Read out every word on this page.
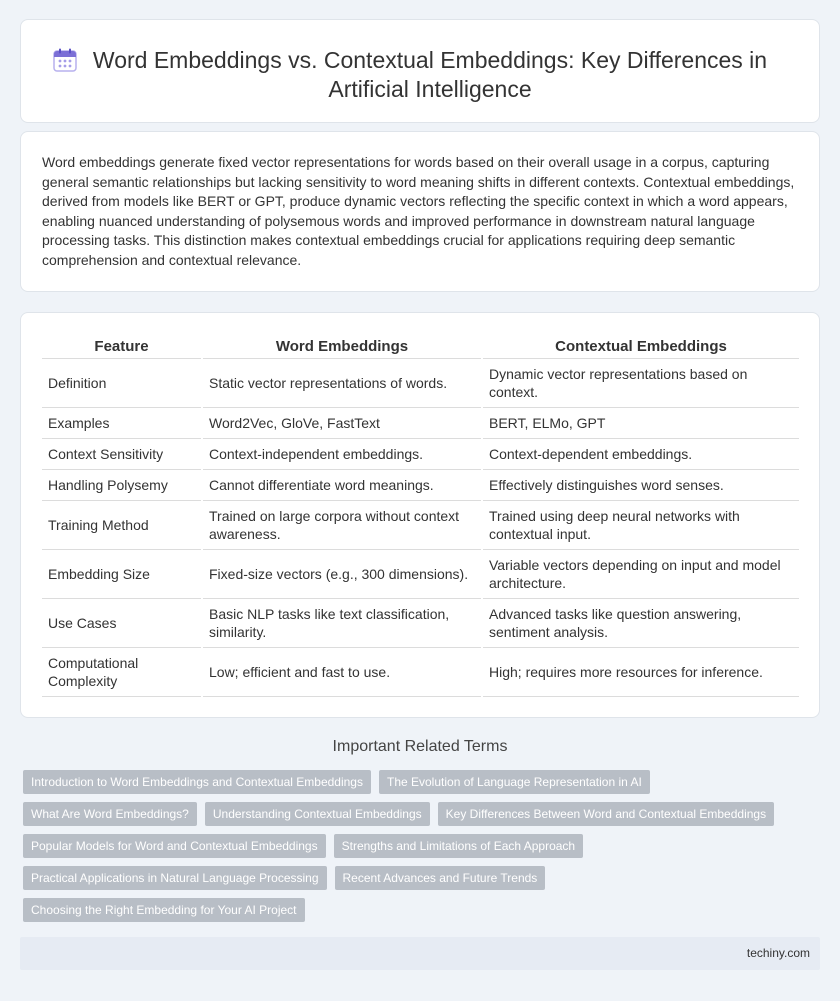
Word Embeddings vs. Contextual Embeddings: Key Differences in Artificial Intelligence

Word embeddings generate fixed vector representations for words based on their overall usage in a corpus, capturing general semantic relationships but lacking sensitivity to word meaning shifts in different contexts. Contextual embeddings, derived from models like BERT or GPT, produce dynamic vectors reflecting the specific context in which a word appears, enabling nuanced understanding of polysemous words and improved performance in downstream natural language processing tasks. This distinction makes contextual embeddings crucial for applications requiring deep semantic comprehension and contextual relevance.

Feature	Word Embeddings	Contextual Embeddings
Definition	Static vector representations of words.	Dynamic vector representations based on context.
Examples	Word2Vec, GloVe, FastText	BERT, ELMo, GPT
Context Sensitivity	Context-independent embeddings.	Context-dependent embeddings.
Handling Polysemy	Cannot differentiate word meanings.	Effectively distinguishes word senses.
Training Method	Trained on large corpora without context awareness.	Trained using deep neural networks with contextual input.
Embedding Size	Fixed-size vectors (e.g., 300 dimensions).	Variable vectors depending on input and model architecture.
Use Cases	Basic NLP tasks like text classification, similarity.	Advanced tasks like question answering, sentiment analysis.
Computational Complexity	Low; efficient and fast to use.	High; requires more resources for inference.
Important Related Terms
Introduction to Word Embeddings and Contextual Embeddings	The Evolution of Language Representation in AI
What Are Word Embeddings?	Understanding Contextual Embeddings	Key Differences Between Word and Contextual Embeddings
Popular Models for Word and Contextual Embeddings	Strengths and Limitations of Each Approach
Practical Applications in Natural Language Processing	Recent Advances and Future Trends
Choosing the Right Embedding for Your AI Project
techiny.com
